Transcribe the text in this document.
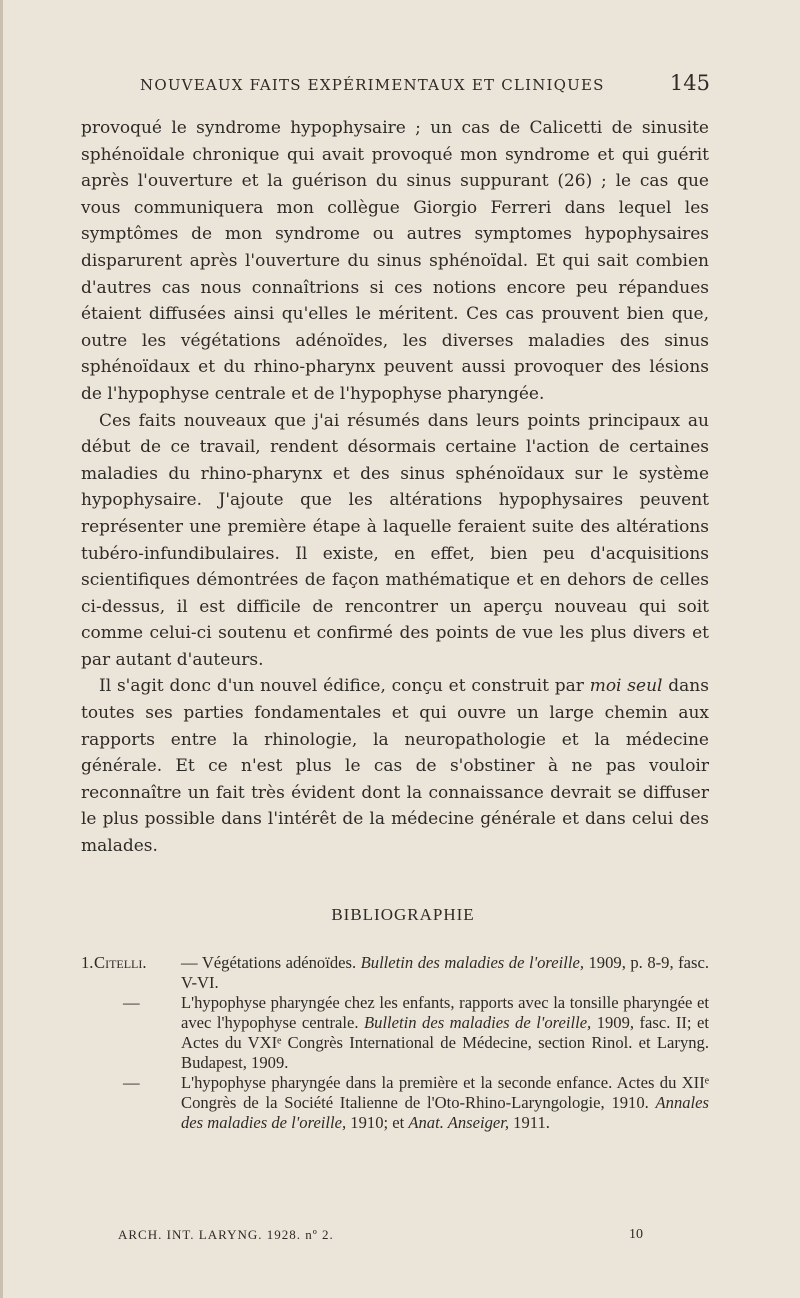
NOUVEAUX FAITS EXPÉRIMENTAUX ET CLINIQUES	145

provoqué le syndrome hypophysaire ; un cas de Calicetti de sinusite sphénoïdale chronique qui avait provoqué mon syndrome et qui guérit après l'ouverture et la guérison du sinus suppurant (26) ; le cas que vous communiquera mon collègue Giorgio Ferreri dans lequel les symptômes de mon syndrome ou autres symptomes hypophysaires disparurent après l'ouverture du sinus sphénoïdal. Et qui sait combien d'autres cas nous connaîtrions si ces notions encore peu répandues étaient diffusées ainsi qu'elles le méritent. Ces cas prouvent bien que, outre les végétations adénoïdes, les diverses maladies des sinus sphénoïdaux et du rhino-pharynx peuvent aussi provoquer des lésions de l'hypophyse centrale et de l'hypophyse pharyngée.

Ces faits nouveaux que j'ai résumés dans leurs points principaux au début de ce travail, rendent désormais certaine l'action de certaines maladies du rhino-pharynx et des sinus sphénoïdaux sur le système hypophysaire. J'ajoute que les altérations hypophysaires peuvent représenter une première étape à laquelle feraient suite des altérations tubéro-infundibulaires. Il existe, en effet, bien peu d'acquisitions scientifiques démontrées de façon mathématique et en dehors de celles ci-dessus, il est difficile de rencontrer un aperçu nouveau qui soit comme celui-ci soutenu et confirmé des points de vue les plus divers et par autant d'auteurs.

Il s'agit donc d'un nouvel édifice, conçu et construit par moi seul dans toutes ses parties fondamentales et qui ouvre un large chemin aux rapports entre la rhinologie, la neuropathologie et la médecine générale. Et ce n'est plus le cas de s'obstiner à ne pas vouloir reconnaître un fait très évident dont la connaissance devrait se diffuser le plus possible dans l'intérêt de la médecine générale et dans celui des malades.

BIBLIOGRAPHIE
1. Citelli. — Végétations adénoïdes. Bulletin des maladies de l'oreille, 1909, p. 8-9, fasc. V-VI.
— L'hypophyse pharyngée chez les enfants, rapports avec la tonsille pharyngée et avec l'hypophyse centrale. Bulletin des maladies de l'oreille, 1909, fasc. II; et Actes du VXIᵉ Congrès International de Médecine, section Rinol. et Laryng. Budapest, 1909.
— L'hypophyse pharyngée dans la première et la seconde enfance. Actes du XIIᵉ Congrès de la Société Italienne de l'Oto-Rhino-Laryngologie, 1910. Annales des maladies de l'oreille, 1910; et Anat. Anseiger, 1911.
ARCH. INT. LARYNG. 1928. nº 2.	10
